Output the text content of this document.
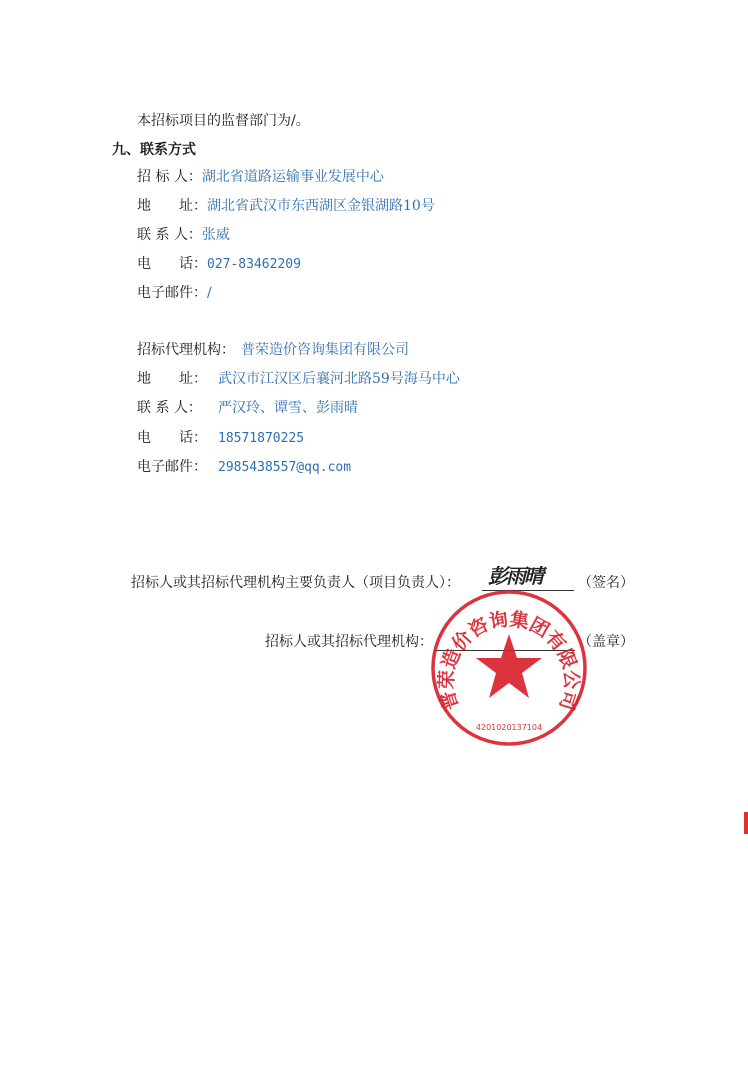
本招标项目的监督部门为/。
九、联系方式
招 标 人：湖北省道路运输事业发展中心
地　　址：湖北省武汉市东西湖区金银湖路10号
联 系 人：张威
电　　话：027-83462209
电子邮件：/
招标代理机构： 普荣造价咨询集团有限公司
地　　址： 武汉市江汉区后襄河北路59号海马中心
联 系 人： 严汉玲、谭雪、彭雨晴
电　　话： 18571870225
电子邮件： 2985438557@qq.com
招标人或其招标代理机构主要负责人（项目负责人）： 彭雨晴	（签名）
招标人或其招标代理机构：	（盖章）
普荣造价咨询集团有限公司
4201020137104
